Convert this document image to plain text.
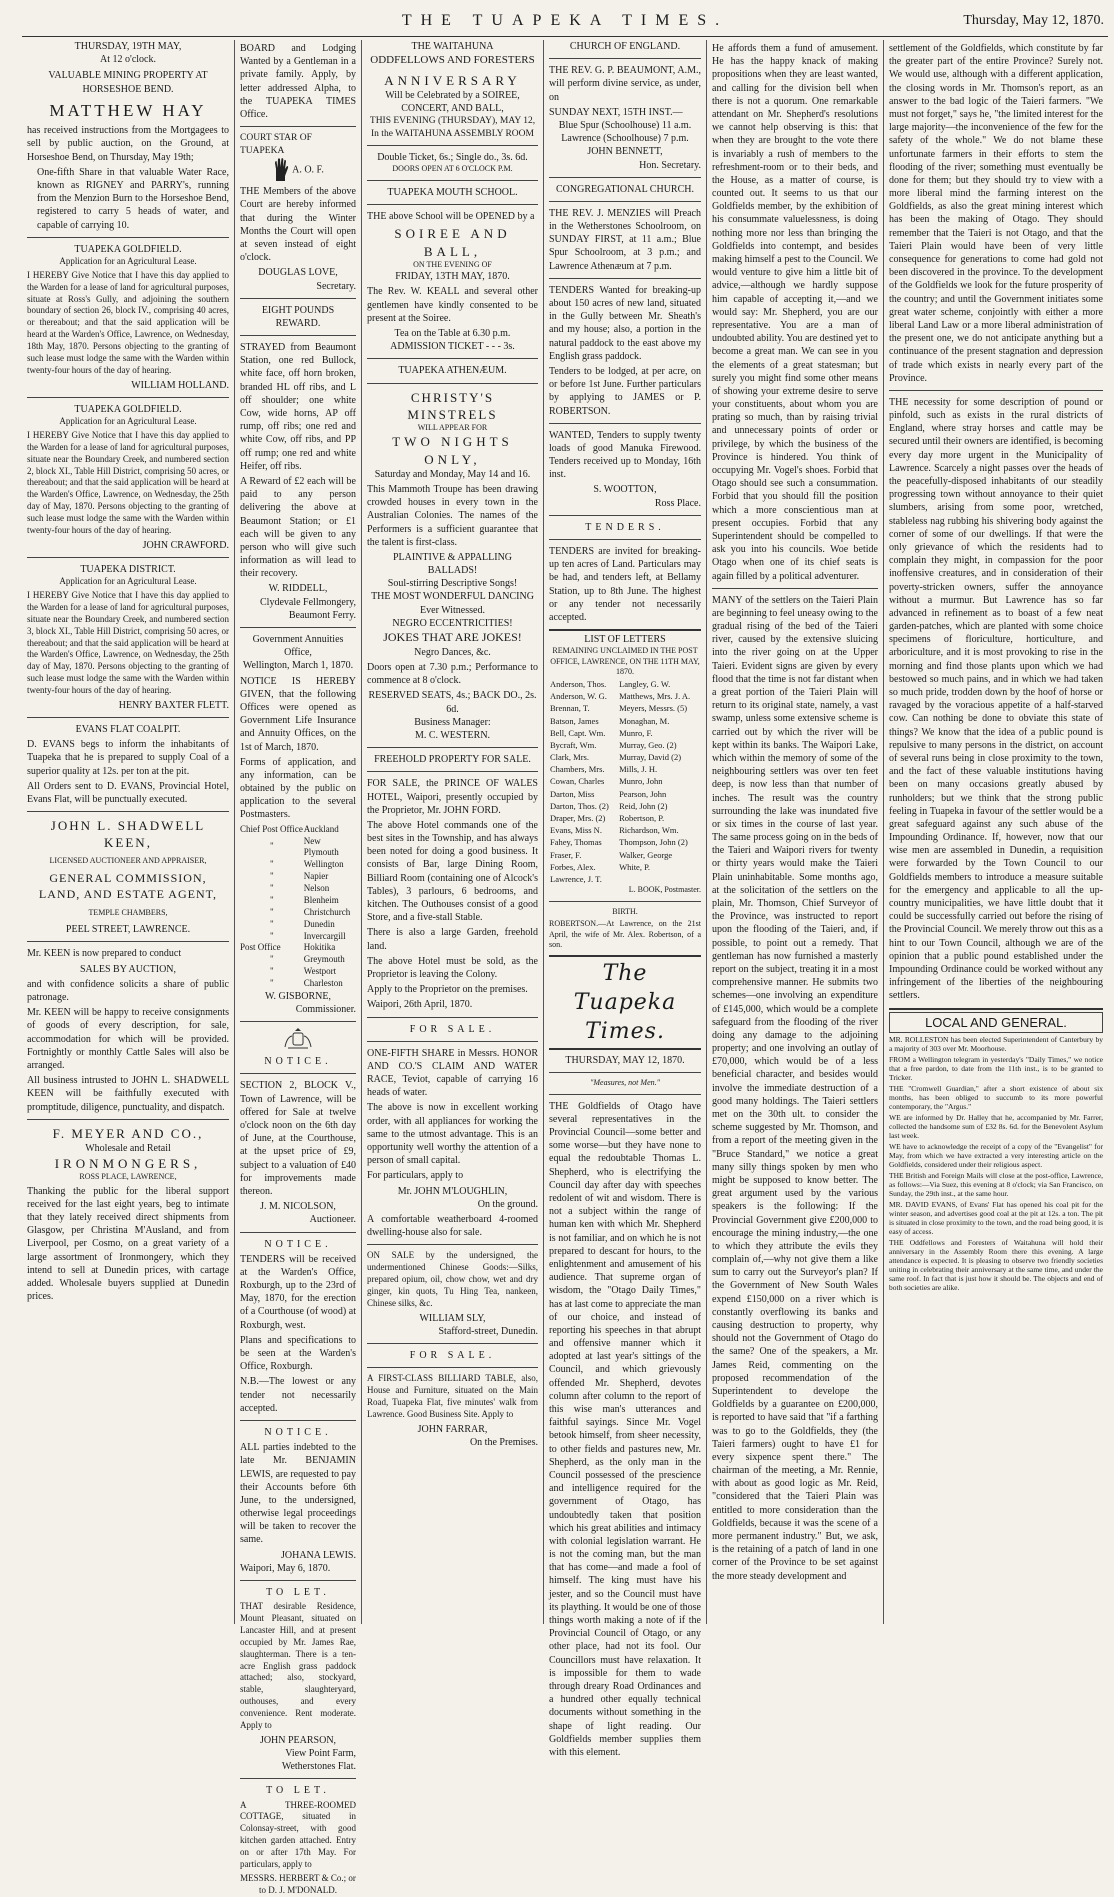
THE TUAPEKA TIMES.	Thursday, May 12, 1870.
THURSDAY, 19TH MAY,
At 12 o'clock.
VALUABLE MINING PROPERTY AT HORSESHOE BEND.
MATTHEW HAY

has received instructions from the Mortgagees to sell by public auction, on the Ground, at Horseshoe Bend, on Thursday, May 19th;

One-fifth Share in that valuable Water Race, known as RIGNEY and PARRY's, running from the Menzion Burn to the Horseshoe Bend, registered to carry 5 heads of water, and capable of carrying 10.

TUAPEKA GOLDFIELD.
Application for an Agricultural Lease.

I HEREBY Give Notice that I have this day applied to the Warden for a lease of land for agricultural purposes, situate at Ross's Gully, and adjoining the southern boundary of section 26, block IV., comprising 40 acres, or thereabout; and that the said application will be heard at the Warden's Office, Lawrence, on Wednesday, 18th May, 1870. Persons objecting to the granting of such lease must lodge the same with the Warden within twenty-four hours of the day of hearing.

WILLIAM HOLLAND.
TUAPEKA GOLDFIELD.
Application for an Agricultural Lease.

I HEREBY Give Notice that I have this day applied to the Warden for a lease of land for agricultural purposes, situate near the Boundary Creek, and numbered section 2, block XI., Table Hill District, comprising 50 acres, or thereabout; and that the said application will be heard at the Warden's Office, Lawrence, on Wednesday, the 25th day of May, 1870. Persons objecting to the granting of such lease must lodge the same with the Warden within twenty-four hours of the day of hearing.

JOHN CRAWFORD.
TUAPEKA DISTRICT.
Application for an Agricultural Lease.

I HEREBY Give Notice that I have this day applied to the Warden for a lease of land for agricultural purposes, situate near the Boundary Creek, and numbered section 3, block XI., Table Hill District, comprising 50 acres, or thereabout; and that the said application will be heard at the Warden's Office, Lawrence, on Wednesday, the 25th day of May, 1870. Persons objecting to the granting of such lease must lodge the same with the Warden within twenty-four hours of the day of hearing.

HENRY BAXTER FLETT.
EVANS FLAT COALPIT.

D. EVANS begs to inform the inhabitants of Tuapeka that he is prepared to supply Coal of a superior quality at 12s. per ton at the pit.

All Orders sent to D. EVANS, Provincial Hotel, Evans Flat, will be punctually executed.

JOHN L. SHADWELL KEEN,
LICENSED AUCTIONEER AND APPRAISER,
GENERAL COMMISSION, LAND, AND ESTATE AGENT,
TEMPLE CHAMBERS,
PEEL STREET, LAWRENCE.

Mr. KEEN is now prepared to conduct

SALES BY AUCTION,

and with confidence solicits a share of public patronage.

Mr. KEEN will be happy to receive consignments of goods of every description, for sale, accommodation for which will be provided. Fortnightly or monthly Cattle Sales will also be arranged.

All business intrusted to JOHN L. SHADWELL KEEN will be faithfully executed with promptitude, diligence, punctuality, and dispatch.

F. MEYER AND CO.,
Wholesale and Retail
IRONMONGERS,
ROSS PLACE, LAWRENCE,

Thanking the public for the liberal support received for the last eight years, beg to intimate that they lately received direct shipments from Glasgow, per Christina M'Ausland, and from Liverpool, per Cosmo, on a great variety of a large assortment of Ironmongery, which they intend to sell at Dunedin prices, with cartage added. Wholesale buyers supplied at Dunedin prices.

BOARD and Lodging Wanted by a Gentleman in a private family. Apply, by letter addressed Alpha, to the TUAPEKA TIMES Office.

COURT STAR OF TUAPEKA
A. O. F.

THE Members of the above Court are hereby informed that during the Winter Months the Court will open at seven instead of eight o'clock.

DOUGLAS LOVE,
Secretary.
EIGHT POUNDS REWARD.

STRAYED from Beaumont Station, one red Bullock, white face, off horn broken, branded HL off ribs, and L off shoulder; one white Cow, wide horns, AP off rump, off ribs; one red and white Cow, off ribs, and PP off rump; one red and white Heifer, off ribs.

A Reward of £2 each will be paid to any person delivering the above at Beaumont Station; or £1 each will be given to any person who will give such information as will lead to their recovery.

W. RIDDELL,
Clydevale Fellmongery,
Beaumont Ferry.
Government Annuities Office,
Wellington, March 1, 1870.

NOTICE IS HEREBY GIVEN, that the following Offices were opened as Government Life Insurance and Annuity Offices, on the 1st of March, 1870.

Forms of application, and any information, can be obtained by the public on application to the several Postmasters.

Chief Post Office	Auckland
"	New Plymouth
"	Wellington
"	Napier
"	Nelson
"	Blenheim
"	Christchurch
"	Dunedin
"	Invercargill
Post Office	Hokitika
"	Greymouth
"	Westport
"	Charleston
W. GISBORNE,
Commissioner.
NOTICE.

SECTION 2, BLOCK V., Town of Lawrence, will be offered for Sale at twelve o'clock noon on the 6th day of June, at the Courthouse, at the upset price of £9, subject to a valuation of £40 for improvements made thereon.

J. M. NICOLSON,
Auctioneer.
NOTICE.

TENDERS will be received at the Warden's Office, Roxburgh, up to the 23rd of May, 1870, for the erection of a Courthouse (of wood) at Roxburgh, west.

Plans and specifications to be seen at the Warden's Office, Roxburgh.

N.B.—The lowest or any tender not necessarily accepted.

NOTICE.

ALL parties indebted to the late Mr. BENJAMIN LEWIS, are requested to pay their Accounts before 6th June, to the undersigned, otherwise legal proceedings will be taken to recover the same.

JOHANA LEWIS.
Waipori, May 6, 1870.
TO LET.

THAT desirable Residence, Mount Pleasant, situated on Lancaster Hill, and at present occupied by Mr. James Rae, slaughterman. There is a ten-acre English grass paddock attached; also, stockyard, stable, slaughteryard, outhouses, and every convenience. Rent moderate. Apply to

JOHN PEARSON,
View Point Farm,
Wetherstones Flat.
TO LET.

A THREE-ROOMED COTTAGE, situated in Colonsay-street, with good kitchen garden attached. Entry on or after 17th May. For particulars, apply to

MESSRS. HERBERT & Co.; or to D. J. M'DONALD.
THE WAITAHUNA
ODDFELLOWS AND FORESTERS
ANNIVERSARY
Will be Celebrated by a SOIREE, CONCERT, AND BALL,
THIS EVENING (THURSDAY), MAY 12, In the WAITAHUNA ASSEMBLY ROOM
Double Ticket, 6s.; Single do., 3s. 6d.
DOORS OPEN AT 6 O'CLOCK P.M.
TUAPEKA MOUTH SCHOOL.

THE above School will be OPENED by a

SOIREE AND BALL,
ON THE EVENING OF
FRIDAY, 13TH MAY, 1870.

The Rev. W. KEALL and several other gentlemen have kindly consented to be present at the Soiree.

Tea on the Table at 6.30 p.m.
ADMISSION TICKET - - - 3s.
TUAPEKA ATHENÆUM.
CHRISTY'S MINSTRELS
WILL APPEAR FOR
TWO NIGHTS ONLY,
Saturday and Monday, May 14 and 16.

This Mammoth Troupe has been drawing crowded houses in every town in the Australian Colonies. The names of the Performers is a sufficient guarantee that the talent is first-class.

PLAINTIVE & APPALLING BALLADS!
Soul-stirring Descriptive Songs!
THE MOST WONDERFUL DANCING
Ever Witnessed.
NEGRO ECCENTRICITIES!
JOKES THAT ARE JOKES!
Negro Dances, &c.

Doors open at 7.30 p.m.; Performance to commence at 8 o'clock.

RESERVED SEATS, 4s.; BACK DO., 2s. 6d.
Business Manager:
M. C. WESTERN.
FREEHOLD PROPERTY FOR SALE.

FOR SALE, the PRINCE OF WALES HOTEL, Waipori, presently occupied by the Proprietor, Mr. JOHN FORD.

The above Hotel commands one of the best sites in the Township, and has always been noted for doing a good business. It consists of Bar, large Dining Room, Billiard Room (containing one of Alcock's Tables), 3 parlours, 6 bedrooms, and kitchen. The Outhouses consist of a good Store, and a five-stall Stable.

There is also a large Garden, freehold land.

The above Hotel must be sold, as the Proprietor is leaving the Colony.

Apply to the Proprietor on the premises.

Waipori, 26th April, 1870.
FOR SALE.

ONE-FIFTH SHARE in Messrs. HONOR AND CO.'S CLAIM AND WATER RACE, Teviot, capable of carrying 16 heads of water.

The above is now in excellent working order, with all appliances for working the same to the utmost advantage. This is an opportunity well worthy the attention of a person of small capital.

For particulars, apply to

Mr. JOHN M'LOUGHLIN,
On the ground.

A comfortable weatherboard 4-roomed dwelling-house also for sale.

ON SALE by the undersigned, the undermentioned Chinese Goods:—Silks, prepared opium, oil, chow chow, wet and dry ginger, kin quots, Tu Hing Tea, nankeen, Chinese silks, &c.

WILLIAM SLY,
Stafford-street, Dunedin.
FOR SALE.

A FIRST-CLASS BILLIARD TABLE, also, House and Furniture, situated on the Main Road, Tuapeka Flat, five minutes' walk from Lawrence. Good Business Site. Apply to

JOHN FARRAR,
On the Premises.
CHURCH OF ENGLAND.

THE REV. G. P. BEAUMONT, A.M., will perform divine service, as under, on

SUNDAY NEXT, 15TH INST.—
Blue Spur (Schoolhouse) 11 a.m.
Lawrence (Schoolhouse) 7 p.m.
JOHN BENNETT,
Hon. Secretary.
CONGREGATIONAL CHURCH.

THE REV. J. MENZIES will Preach in the Wetherstones Schoolroom, on SUNDAY FIRST, at 11 a.m.; Blue Spur Schoolroom, at 3 p.m.; and Lawrence Athenæum at 7 p.m.

TENDERS Wanted for breaking-up about 150 acres of new land, situated in the Gully between Mr. Sheath's and my house; also, a portion in the natural paddock to the east above my English grass paddock.

Tenders to be lodged, at per acre, on or before 1st June. Further particulars by applying to JAMES or P. ROBERTSON.

WANTED, Tenders to supply twenty loads of good Manuka Firewood. Tenders received up to Monday, 16th inst.

S. WOOTTON,
Ross Place.
TENDERS.

TENDERS are invited for breaking-up ten acres of Land. Particulars may be had, and tenders left, at Bellamy Station, up to 8th June. The highest or any tender not necessarily accepted.

LIST OF LETTERS
REMAINING UNCLAIMED IN THE POST OFFICE, LAWRENCE, ON THE 11TH MAY, 1870.
Anderson, Thos.	Langley, G. W.
Anderson, W. G.	Matthews, Mrs. J. A.
Brennan, T.	Meyers, Messrs. (5)
Batson, James	Monaghan, M.
Bell, Capt. Wm.	Munro, F.
Bycraft, Wm.	Murray, Geo. (2)
Clark, Mrs.	Murray, David (2)
Chambers, Mrs.	Mills, J. H.
Cowan, Charles	Munro, John
Darton, Miss	Pearson, John
Darton, Thos. (2)	Reid, John (2)
Draper, Mrs. (2)	Robertson, P.
Evans, Miss N.	Richardson, Wm.
Fahey, Thomas	Thompson, John (2)
Fraser, F.	Walker, George
Forbes, Alex.	White, P.
Lawrence, J. T.	
L. BOOK, Postmaster.
BIRTH.

ROBERTSON.—At Lawrence, on the 21st April, the wife of Mr. Alex. Robertson, of a son.

The Tuapeka Times.
THURSDAY, MAY 12, 1870.
"Measures, not Men."

THE Goldfields of Otago have several representatives in the Provincial Council—some better and some worse—but they have none to equal the redoubtable Thomas L. Shepherd, who is electrifying the Council day after day with speeches redolent of wit and wisdom. There is not a subject within the range of human ken with which Mr. Shepherd is not familiar, and on which he is not prepared to descant for hours, to the enlightenment and amusement of his audience. That supreme organ of wisdom, the "Otago Daily Times," has at last come to appreciate the man of our choice, and instead of reporting his speeches in that abrupt and offensive manner which it adopted at last year's sittings of the Council, and which grievously offended Mr. Shepherd, devotes column after column to the report of this wise man's utterances and faithful sayings. Since Mr. Vogel betook himself, from sheer necessity, to other fields and pastures new, Mr. Shepherd, as the only man in the Council possessed of the prescience and intelligence required for the government of Otago, has undoubtedly taken that position which his great abilities and intimacy with colonial legislation warrant. He is not the coming man, but the man that has come—and made a fool of himself. The king must have his jester, and so the Council must have its plaything. It would be one of those things worth making a note of if the Provincial Council of Otago, or any other place, had not its fool. Our Councillors must have relaxation. It is impossible for them to wade through dreary Road Ordinances and a hundred other equally technical documents without something in the shape of light reading. Our Goldfields member supplies them with this element.

He affords them a fund of amusement. He has the happy knack of making propositions when they are least wanted, and calling for the division bell when there is not a quorum. One remarkable attendant on Mr. Shepherd's resolutions we cannot help observing is this: that when they are brought to the vote there is invariably a rush of members to the refreshment-room or to their beds, and the House, as a matter of course, is counted out. It seems to us that our Goldfields member, by the exhibition of his consummate valuelessness, is doing nothing more nor less than bringing the Goldfields into contempt, and besides making himself a pest to the Council. We would venture to give him a little bit of advice,—although we hardly suppose him capable of accepting it,—and we would say: Mr. Shepherd, you are our representative. You are a man of undoubted ability. You are destined yet to become a great man. We can see in you the elements of a great statesman; but surely you might find some other means of showing your extreme desire to serve your constituents, about whom you are prating so much, than by raising trivial and unnecessary points of order or privilege, by which the business of the Province is hindered. You think of occupying Mr. Vogel's shoes. Forbid that Otago should see such a consummation. Forbid that you should fill the position which a more conscientious man at present occupies. Forbid that any Superintendent should be compelled to ask you into his councils. Woe betide Otago when one of its chief seats is again filled by a political adventurer.

MANY of the settlers on the Taieri Plain are beginning to feel uneasy owing to the gradual rising of the bed of the Taieri river, caused by the extensive sluicing into the river going on at the Upper Taieri. Evident signs are given by every flood that the time is not far distant when a great portion of the Taieri Plain will return to its original state, namely, a vast swamp, unless some extensive scheme is carried out by which the river will be kept within its banks. The Waipori Lake, which within the memory of some of the neighbouring settlers was over ten feet deep, is now less than that number of inches. The result was the country surrounding the lake was inundated five or six times in the course of last year. The same process going on in the beds of the Taieri and Waipori rivers for twenty or thirty years would make the Taieri Plain uninhabitable. Some months ago, at the solicitation of the settlers on the plain, Mr. Thomson, Chief Surveyor of the Province, was instructed to report upon the flooding of the Taieri, and, if possible, to point out a remedy. That gentleman has now furnished a masterly report on the subject, treating it in a most comprehensive manner. He submits two schemes—one involving an expenditure of £145,000, which would be a complete safeguard from the flooding of the river doing any damage to the adjoining property; and one involving an outlay of £70,000, which would be of a less beneficial character, and besides would involve the immediate destruction of a good many holdings. The Taieri settlers met on the 30th ult. to consider the scheme suggested by Mr. Thomson, and from a report of the meeting given in the "Bruce Standard," we notice a great many silly things spoken by men who might be supposed to know better. The great argument used by the various speakers is the following: If the Provincial Government give £200,000 to encourage the mining industry,—the one to which they attribute the evils they complain of,—why not give them a like sum to carry out the Surveyor's plan? If the Government of New South Wales expend £150,000 on a river which is constantly overflowing its banks and causing destruction to property, why should not the Government of Otago do the same? One of the speakers, a Mr. James Reid, commenting on the proposed recommendation of the Superintendent to develope the Goldfields by a guarantee on £200,000, is reported to have said that "if a farthing was to go to the Goldfields, they (the Taieri farmers) ought to have £1 for every sixpence spent there." The chairman of the meeting, a Mr. Rennie, with about as good logic as Mr. Reid, "considered that the Taieri Plain was entitled to more consideration than the Goldfields, because it was the scene of a more permanent industry." But, we ask, is the retaining of a patch of land in one corner of the Province to be set against the more steady development and

settlement of the Goldfields, which constitute by far the greater part of the entire Province? Surely not. We would use, although with a different application, the closing words in Mr. Thomson's report, as an answer to the bad logic of the Taieri farmers. "We must not forget," says he, "the limited interest for the large majority—the inconvenience of the few for the safety of the whole." We do not blame these unfortunate farmers in their efforts to stem the flooding of the river; something must eventually be done for them; but they should try to view with a more liberal mind the farming interest on the Goldfields, as also the great mining interest which has been the making of Otago. They should remember that the Taieri is not Otago, and that the Taieri Plain would have been of very little consequence for generations to come had gold not been discovered in the province. To the development of the Goldfields we look for the future prosperity of the country; and until the Government initiates some great water scheme, conjointly with either a more liberal Land Law or a more liberal administration of the present one, we do not anticipate anything but a continuance of the present stagnation and depression of trade which exists in nearly every part of the Province.

THE necessity for some description of pound or pinfold, such as exists in the rural districts of England, where stray horses and cattle may be secured until their owners are identified, is becoming every day more urgent in the Municipality of Lawrence. Scarcely a night passes over the heads of the peacefully-disposed inhabitants of our steadily progressing town without annoyance to their quiet slumbers, arising from some poor, wretched, stableless nag rubbing his shivering body against the corner of some of our dwellings. If that were the only grievance of which the residents had to complain they might, in compassion for the poor inoffensive creatures, and in consideration of their poverty-stricken owners, suffer the annoyance without a murmur. But Lawrence has so far advanced in refinement as to boast of a few neat garden-patches, which are planted with some choice specimens of floriculture, horticulture, and arboriculture, and it is most provoking to rise in the morning and find those plants upon which we had bestowed so much pains, and in which we had taken so much pride, trodden down by the hoof of horse or ravaged by the voracious appetite of a half-starved cow. Can nothing be done to obviate this state of things? We know that the idea of a public pound is repulsive to many persons in the district, on account of several runs being in close proximity to the town, and the fact of these valuable institutions having been on many occasions greatly abused by runholders; but we think that the strong public feeling in Tuapeka in favour of the settler would be a great safeguard against any such abuse of the Impounding Ordinance. If, however, now that our wise men are assembled in Dunedin, a requisition were forwarded by the Town Council to our Goldfields members to introduce a measure suitable for the emergency and applicable to all the up-country municipalities, we have little doubt that it could be successfully carried out before the rising of the Provincial Council. We merely throw out this as a hint to our Town Council, although we are of the opinion that a public pound established under the Impounding Ordinance could be worked without any infringement of the liberties of the neighbouring settlers.

LOCAL AND GENERAL.

MR. ROLLESTON has been elected Superintendent of Canterbury by a majority of 303 over Mr. Moorhouse.

FROM a Wellington telegram in yesterday's "Daily Times," we notice that a free pardon, to date from the 11th inst., is to be granted to Tricker.

THE "Cromwell Guardian," after a short existence of about six months, has been obliged to succumb to its more powerful contemporary, the "Argus."

WE are informed by Dr. Halley that he, accompanied by Mr. Farrer, collected the handsome sum of £32 8s. 6d. for the Benevolent Asylum last week.

WE have to acknowledge the receipt of a copy of the "Evangelist" for May, from which we have extracted a very interesting article on the Goldfields, considered under their religious aspect.

THE British and Foreign Mails will close at the post-office, Lawrence, as follows:—Via Suez, this evening at 8 o'clock; via San Francisco, on Sunday, the 29th inst., at the same hour.

MR. DAVID EVANS, of Evans' Flat has opened his coal pit for the winter season, and advertises good coal at the pit at 12s. a ton. The pit is situated in close proximity to the town, and the road being good, it is easy of access.

THE Oddfellows and Foresters of Waitahuna will hold their anniversary in the Assembly Room there this evening. A large attendance is expected. It is pleasing to observe two friendly societies uniting in celebrating their anniversary at the same time, and under the same roof. In fact that is just how it should be. The objects and end of both societies are alike.
